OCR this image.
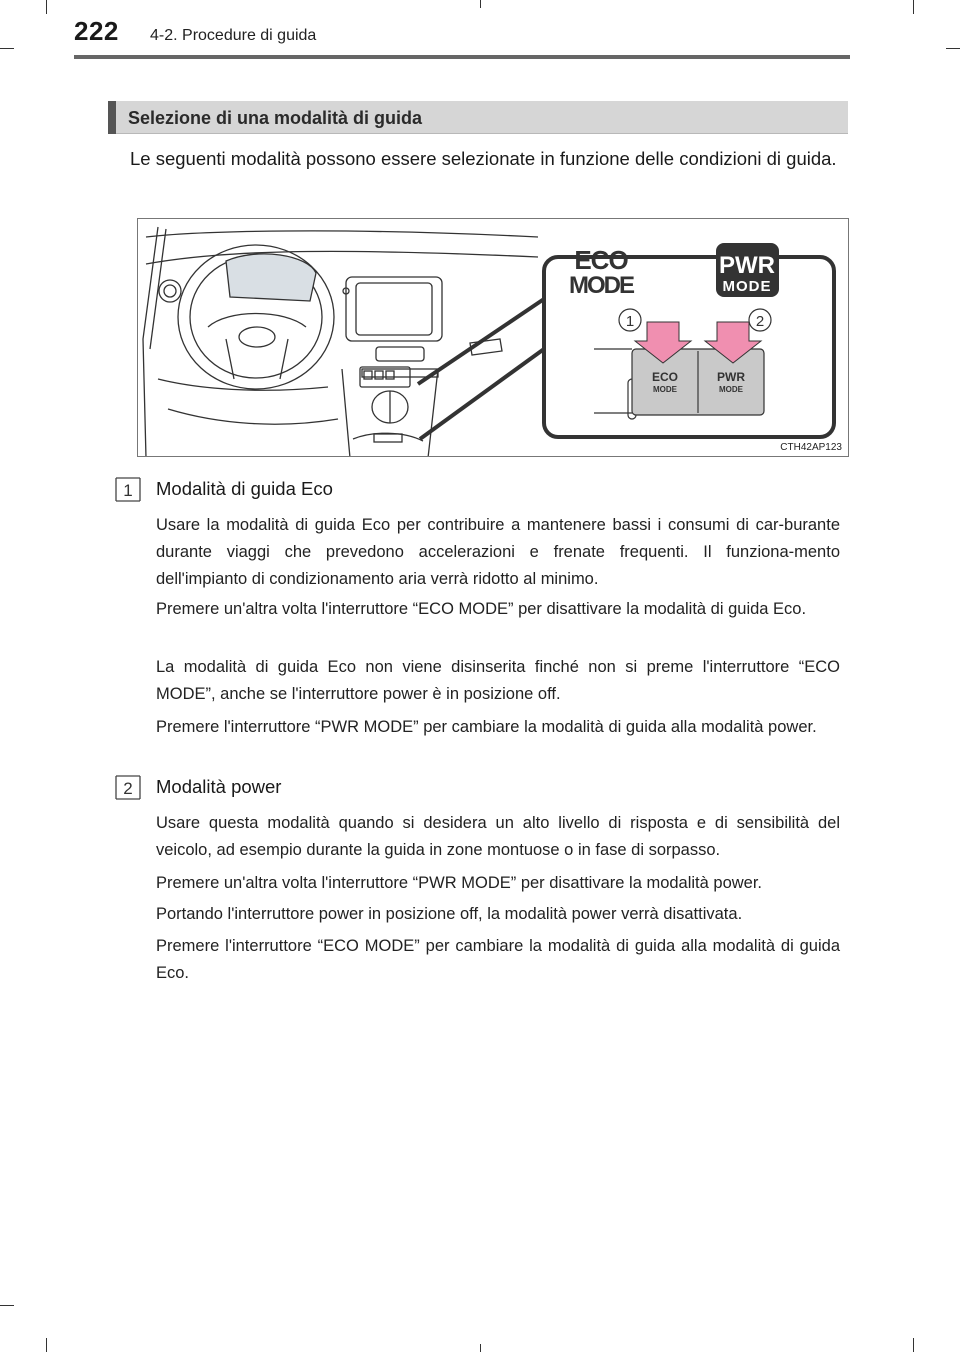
222 4-2. Procedure di guida
Selezione di una modalità di guida
Le seguenti modalità possono essere selezionate in funzione delle condizioni di guida.
ECO
MODE
PWR
MODE
1	2
ECO
MODE
PWR
MODE
CTH42AP123
1 Modalità di guida Eco
Usare la modalità di guida Eco per contribuire a mantenere bassi i consumi di car-burante durante viaggi che prevedono accelerazioni e frenate frequenti. Il funziona-mento dell'impianto di condizionamento aria verrà ridotto al minimo.
Premere un'altra volta l'interruttore “ECO MODE” per disattivare la modalità di guida Eco.
La modalità di guida Eco non viene disinserita finché non si preme l'interruttore “ECO MODE”, anche se l'interruttore power è in posizione off.
Premere l'interruttore “PWR MODE” per cambiare la modalità di guida alla modalità power.
2 Modalità power
Usare questa modalità quando si desidera un alto livello di risposta e di sensibilità del veicolo, ad esempio durante la guida in zone montuose o in fase di sorpasso.
Premere un'altra volta l'interruttore “PWR MODE” per disattivare la modalità power.
Portando l'interruttore power in posizione off, la modalità power verrà disattivata.
Premere l'interruttore “ECO MODE” per cambiare la modalità di guida alla modalità di guida Eco.
